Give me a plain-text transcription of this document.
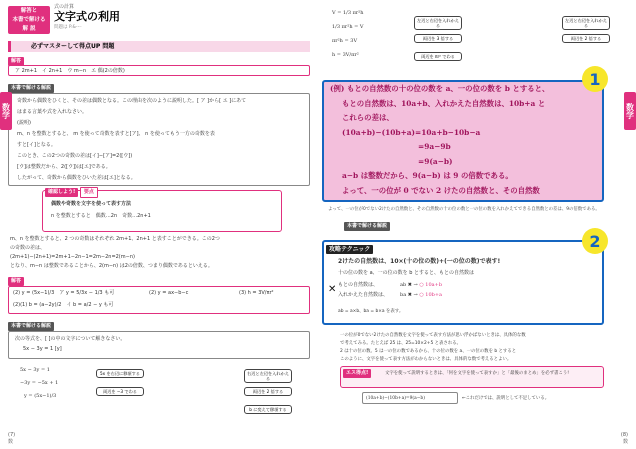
解答と
本書で解ける
解 説
式の計算
文字式の利用
問題は P.&-ー
必ずマスターして得点UP 問題
解答
ア 2m+1　イ 2n+1　ウ m−n　エ 偶(2の倍数)
本書で解ける解説
奇数から偶数をひくと、その差は偶数となる。この理由を次のように説明した。[ ア ]から[ エ ]にあて
はまる言葉や式を入れなさい。
(説明)
m、n を整数とすると、 m を使って奇数を表すと[ア]、 n を使ってもう一方の奇数を表
すと[イ]となる。
このとき、この2つの奇数の差は[イ]−[ア]=2([ウ])
[ウ]は整数だから、2([ウ])は[エ]である。
したがって、奇数から偶数をひいた差は[エ]となる。
確認しよう! 要点
偶数や奇数を文字を使って表す方法
n を整数とすると　偶数…2n　奇数…2n+1
m、n を整数とすると、2 つの奇数はそれぞれ 2m+1、2n+1 と表すことができる。この2つ
の奇数の差は、
(2m+1)−(2n+1)=2m+1−2n−1=2m−2n=2(m−n)
となり、m−n は整数であることから、2(m−n) は2の倍数、つまり偶数であるといえる。
解答
(2) y = (5x−1)/3　ア y = 5/3x − 1/3 も可	(2) y = ax−b−c	(3) h = 3V/πr²
(2)(1) b = (a−2y)/2　イ b = a/2 − y も可
本書で解ける解説
次の等式を、[ ]の中の文字について解きなさい。
5x − 3y = 1 [y]
5x − 3y = 1
−3y = −5x + 1
y = (5x−1)/3
5x を右辺に移項する
両辺を −3 でわる
右辺と左辺を入れかえる
両辺を 2 倍する
b に変えて移項する
(7)
数
数学
V = 1/3 πr²h
1/3 πr²h = V
πr²h = 3V
h = 3V/πr²
左辺と右辺を入れかえる
両辺を 3 倍する
両辺を πr² でわる
左辺と右辺を入れかえる
両辺を 2 倍する
(例) もとの自然数の十の位の数を a、一の位の数を b とすると、
もとの自然数は、10a+b、入れかえた自然数は、10b+a と
これらの差は、
(10a+b)−(10b+a)=10a+b−10b−a
=9a−9b
=9(a−b)
a−b は整数だから、9(a−b) は 9 の倍数である。
よって、一の位が 0 でない 2 けたの自然数と、その自然数
よって、一の位が0でない2けたの自然数と、その自然数の十の位の数と一の位の数を入れかえてできる自然数との差は、9の倍数である。
1
本書で解ける解説
攻略テクニック
2けたの自然数は、10×(十の位の数)+(一の位の数)で表す!
十の位の数を a、一の位の数を b とすると、もとの自然数は
✕ もとの自然数は、
入れかえた自然数は、
ab ✖ → ○ 10a+b
ba ✖ → ○ 10b+a
ab = a×b、ba = b×a を表す。
2
一の位が0でない2けたの自然数を文字を使って表す方法が思い浮かばないときは、具体的な数
で考えてみる。たとえば 25 は、25=10×2+5 と表される。
2 は十の位の数、5 は一の位の数であるから、十の位の数を a、一の位の数を b とすると
このように、文字を使って表す方法がわからないときは、具体的な数で考えるとよい。
エス得点!	文字を使って説明するときは、「何を文字を使って表すか」と「最後のまとめ」を必ず書こう!
(10a+b)−(10b+a)=9(a−b)	←これだけでは、説明として不足している。
(8)
数
数学
